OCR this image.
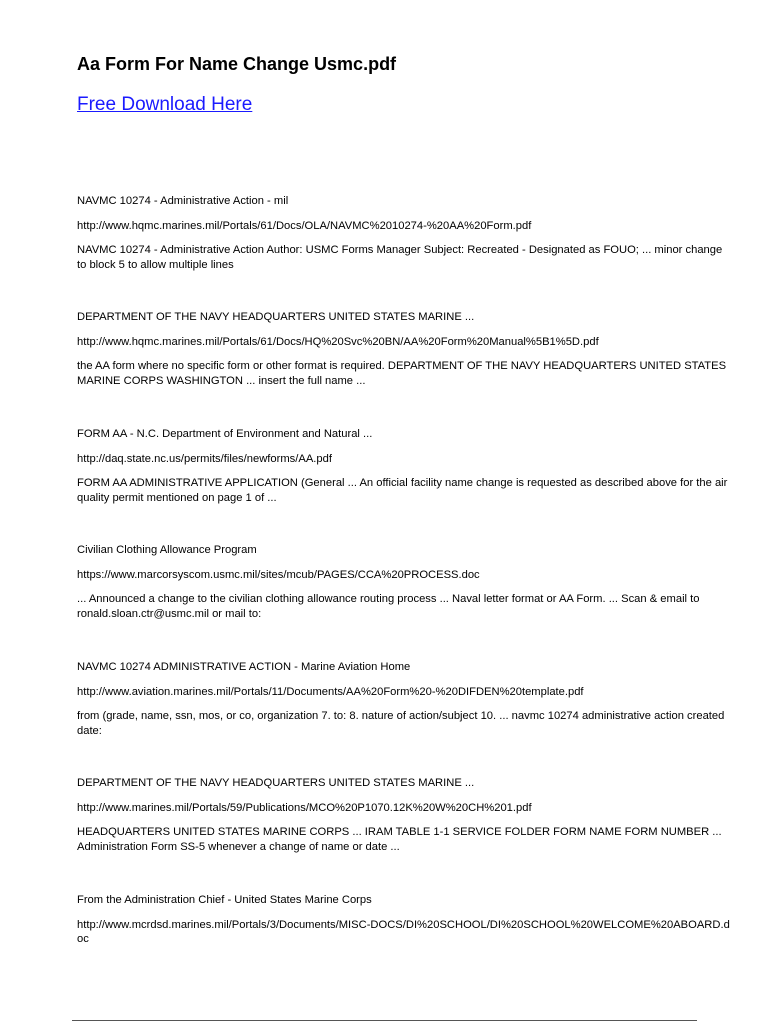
Aa Form For Name Change Usmc.pdf
Free Download Here

NAVMC 10274 - Administrative Action - mil

http://www.hqmc.marines.mil/Portals/61/Docs/OLA/NAVMC%2010274-%20AA%20Form.pdf

NAVMC 10274 - Administrative Action Author: USMC Forms Manager Subject: Recreated - Designated as FOUO; ... minor change to block 5 to allow multiple lines

DEPARTMENT OF THE NAVY HEADQUARTERS UNITED STATES MARINE ...

http://www.hqmc.marines.mil/Portals/61/Docs/HQ%20Svc%20BN/AA%20Form%20Manual%5B1%5D.pdf

the AA form where no specific form or other format is required. DEPARTMENT OF THE NAVY HEADQUARTERS UNITED STATES MARINE CORPS WASHINGTON ... insert the full name ...

FORM AA - N.C. Department of Environment and Natural ...

http://daq.state.nc.us/permits/files/newforms/AA.pdf

FORM AA ADMINISTRATIVE APPLICATION (General ... An official facility name change is requested as described above for the air quality permit mentioned on page 1 of ...

Civilian Clothing Allowance Program

https://www.marcorsyscom.usmc.mil/sites/mcub/PAGES/CCA%20PROCESS.doc

... Announced a change to the civilian clothing allowance routing process ... Naval letter format or AA Form. ... Scan & email to ronald.sloan.ctr@usmc.mil or mail to:

NAVMC 10274 ADMINISTRATIVE ACTION - Marine Aviation Home

http://www.aviation.marines.mil/Portals/11/Documents/AA%20Form%20-%20DIFDEN%20template.pdf

from (grade, name, ssn, mos, or co, organization 7. to: 8. nature of action/subject 10. ... navmc 10274 administrative action created date:

DEPARTMENT OF THE NAVY HEADQUARTERS UNITED STATES MARINE ...

http://www.marines.mil/Portals/59/Publications/MCO%20P1070.12K%20W%20CH%201.pdf

HEADQUARTERS UNITED STATES MARINE CORPS ... IRAM TABLE 1-1 SERVICE FOLDER FORM NAME FORM NUMBER ... Administration Form SS-5 whenever a change of name or date ...

From the Administration Chief - United States Marine Corps

http://www.mcrdsd.marines.mil/Portals/3/Documents/MISC-DOCS/DI%20SCHOOL/DI%20SCHOOL%20WELCOME%20ABOARD.doc
